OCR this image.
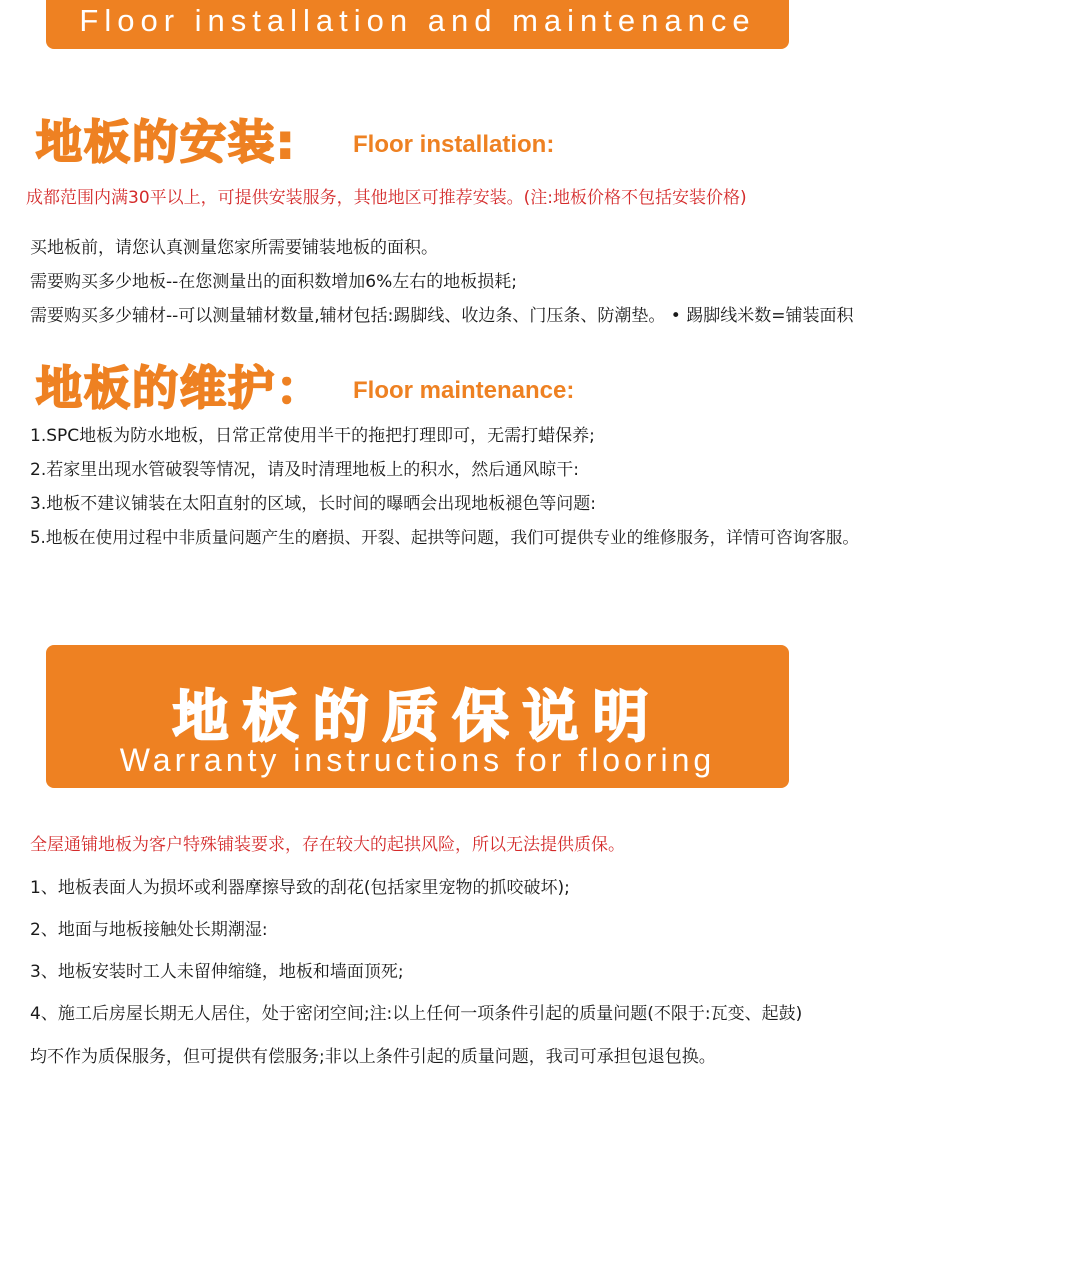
Floor installation and maintenance
地板的安装: Floor installation:
成都范围内满30平以上，可提供安装服务，其他地区可推荐安装。(注:地板价格不包括安装价格)
买地板前，请您认真测量您家所需要铺装地板的面积。
需要购买多少地板--在您测量出的面积数增加6%左右的地板损耗;
需要购买多少辅材--可以测量辅材数量,辅材包括:踢脚线、收边条、门压条、防潮垫。 • 踢脚线米数=铺装面积
地板的维护： Floor maintenance:
1.SPC地板为防水地板，日常正常使用半干的拖把打理即可，无需打蜡保养;
2.若家里出现水管破裂等情况，请及时清理地板上的积水，然后通风晾干:
3.地板不建议铺装在太阳直射的区域，长时间的曝晒会出现地板褪色等问题:
5.地板在使用过程中非质量问题产生的磨损、开裂、起拱等问题，我们可提供专业的维修服务，详情可咨询客服。
地板的质保说明
Warranty instructions for flooring
全屋通铺地板为客户特殊铺装要求，存在较大的起拱风险，所以无法提供质保。
1、地板表面人为损坏或利器摩擦导致的刮花(包括家里宠物的抓咬破坏);
2、地面与地板接触处长期潮湿:
3、地板安装时工人未留伸缩缝，地板和墙面顶死;
4、施工后房屋长期无人居住，处于密闭空间;注:以上任何一项条件引起的质量问题(不限于:瓦变、起鼓)
均不作为质保服务，但可提供有偿服务;非以上条件引起的质量问题，我司可承担包退包换。
